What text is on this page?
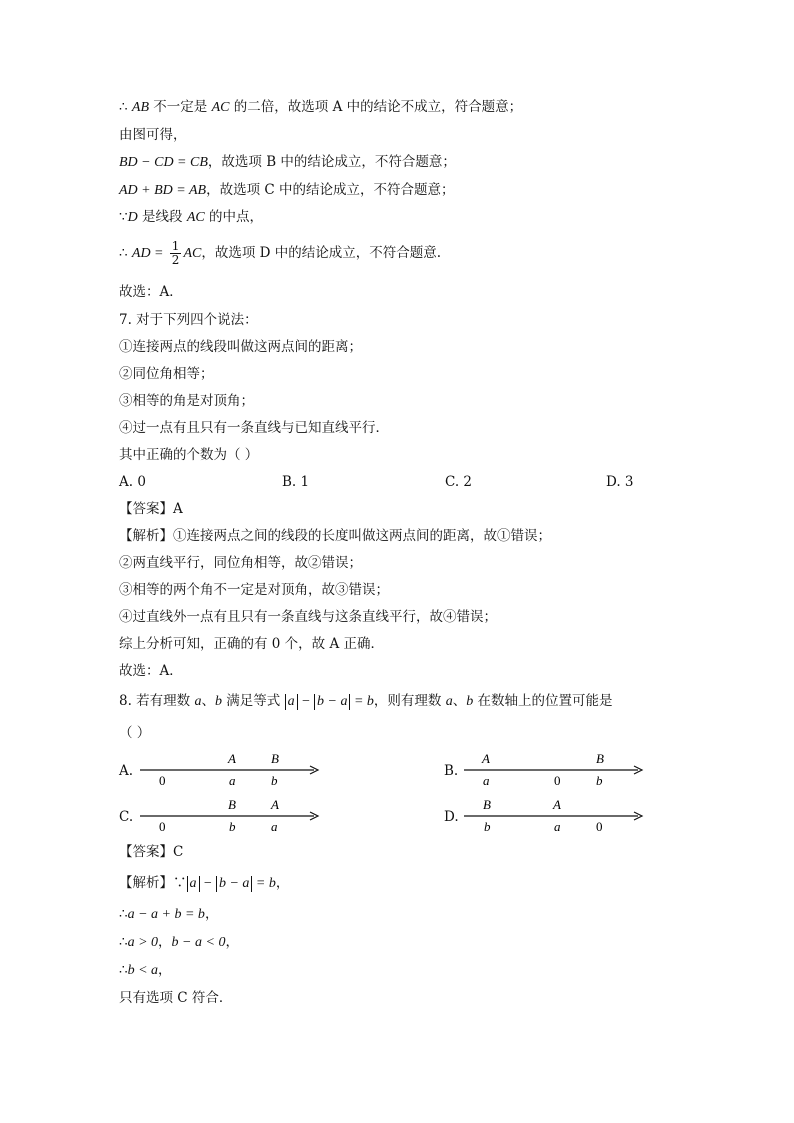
∴ AB 不一定是 AC 的二倍，故选项 A 中的结论不成立，符合题意；
由图可得，
BD − CD = CB，故选项 B 中的结论成立，不符合题意；
AD + BD = AB，故选项 C 中的结论成立，不符合题意；
∵D 是线段 AC 的中点，
∴ AD = $\frac{1}{2}$ AC，故选项 D 中的结论成立，不符合题意.
故选：A．
7. 对于下列四个说法：
①连接两点的线段叫做这两点间的距离；
②同位角相等；
③相等的角是对顶角；
④过一点有且只有一条直线与已知直线平行．
其中正确的个数为（ ）
A. 0	B. 1	C. 2	D. 3
【答案】A
【解析】①连接两点之间的线段的长度叫做这两点间的距离，故①错误；
②两直线平行，同位角相等，故②错误；
③相等的两个角不一定是对顶角，故③错误；
④过直线外一点有且只有一条直线与这条直线平行，故④错误；
综上分析可知，正确的有 0 个，故 A 正确．
故选：A．
8. 若有理数 a、b 满足等式 a − b − a = b，则有理数 a、b 在数轴上的位置可能是
（ ）
A.
0
A
a
B
b
B.
A
a	0
B
b
C.
0
B
b
A
a
D.
B
b
A
a	0
【答案】C
【解析】∵ a − b − a = b，
∴a − a + b = b，
∴a > 0，b − a < 0，
∴b < a，
只有选项 C 符合．
